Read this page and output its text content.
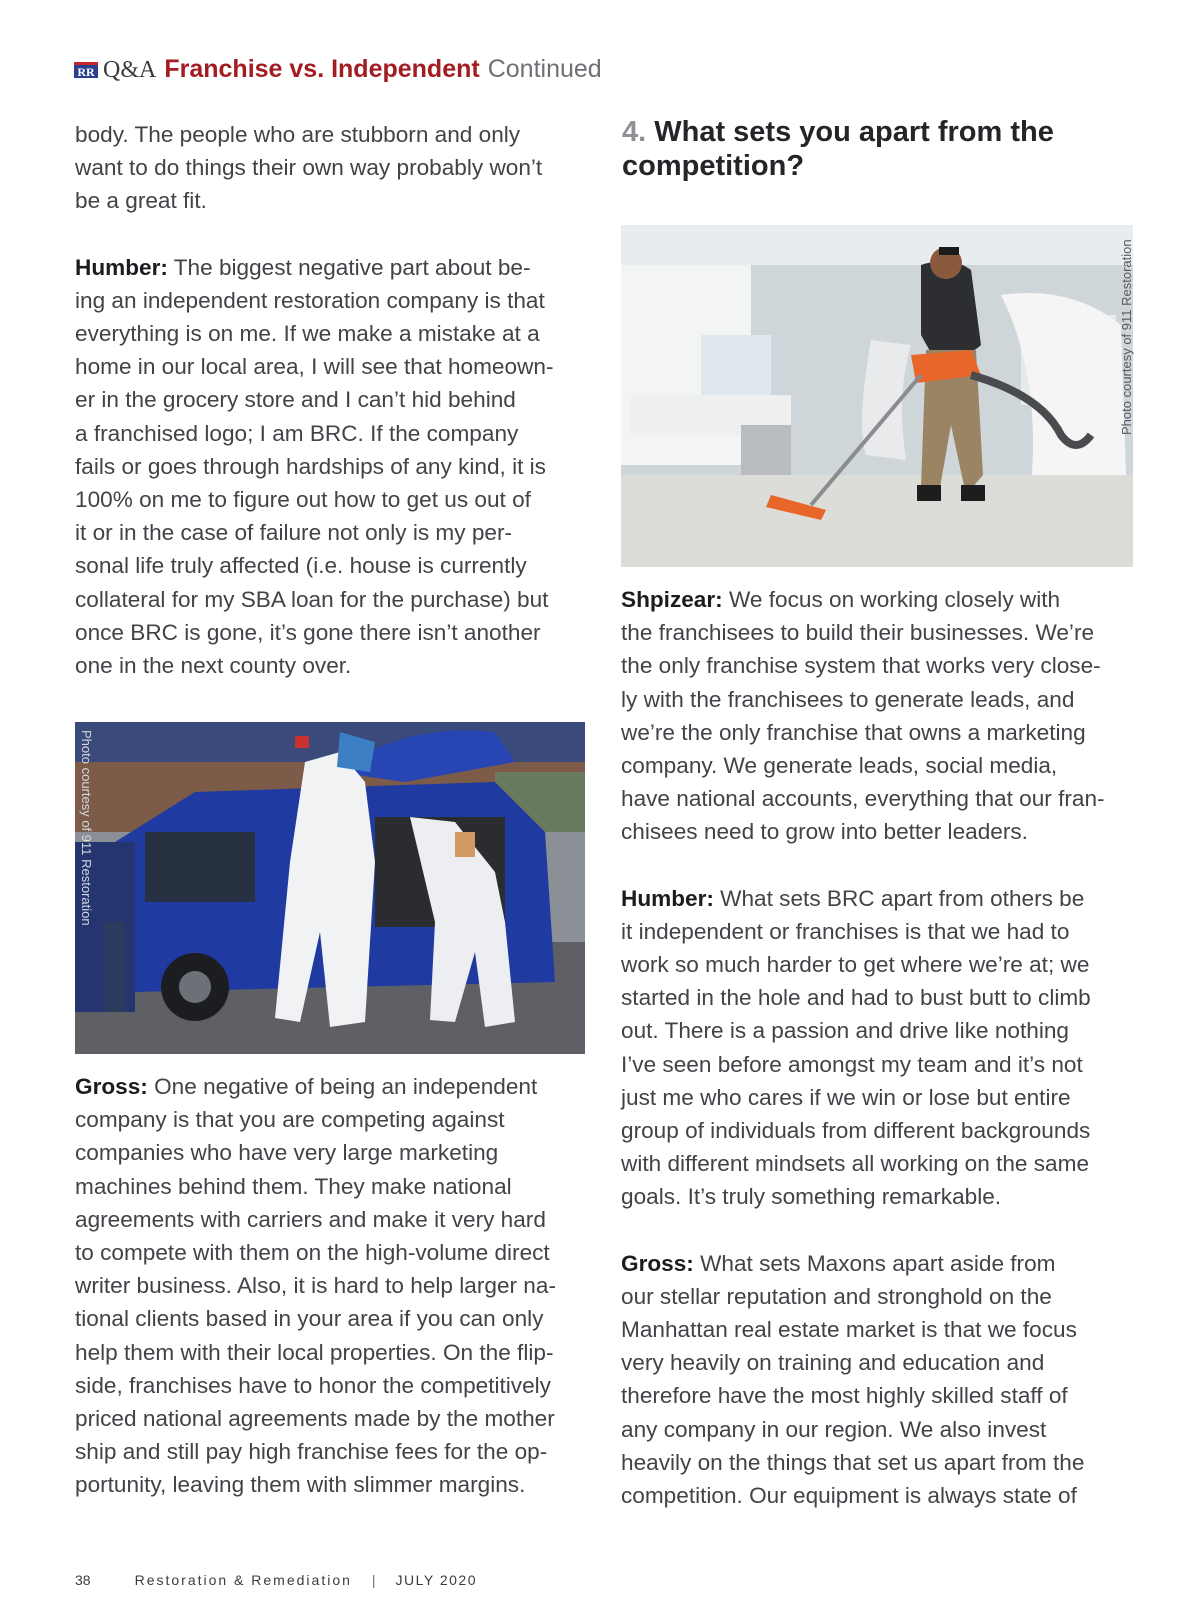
RR Q&A Franchise vs. Independent Continued

body. The people who are stubborn and only
want to do things their own way probably won’t
be a great fit.

Humber: The biggest negative part about be-
ing an independent restoration company is that
everything is on me. If we make a mistake at a
home in our local area, I will see that homeown-
er in the grocery store and I can’t hid behind
a franchised logo; I am BRC. If the company
fails or goes through hardships of any kind, it is
100% on me to figure out how to get us out of
it or in the case of failure not only is my per-
sonal life truly affected (i.e. house is currently
collateral for my SBA loan for the purchase) but
once BRC is gone, it’s gone there isn’t another
one in the next county over.

Photo courtesy of 911 Restoration

Gross: One negative of being an independent
company is that you are competing against
companies who have very large marketing
machines behind them. They make national
agreements with carriers and make it very hard
to compete with them on the high-volume direct
writer business. Also, it is hard to help larger na-
tional clients based in your area if you can only
help them with their local properties. On the flip-
side, franchises have to honor the competitively
priced national agreements made by the mother
ship and still pay high franchise fees for the op-
portunity, leaving them with slimmer margins.

4. What sets you apart from the competition?
Photo courtesy of 911 Restoration

Shpizear: We focus on working closely with
the franchisees to build their businesses. We’re
the only franchise system that works very close-
ly with the franchisees to generate leads, and
we’re the only franchise that owns a marketing
company. We generate leads, social media,
have national accounts, everything that our fran-
chisees need to grow into better leaders.

Humber: What sets BRC apart from others be
it independent or franchises is that we had to
work so much harder to get where we’re at; we
started in the hole and had to bust butt to climb
out. There is a passion and drive like nothing
I’ve seen before amongst my team and it’s not
just me who cares if we win or lose but entire
group of individuals from different backgrounds
with different mindsets all working on the same
goals. It’s truly something remarkable.

Gross: What sets Maxons apart aside from
our stellar reputation and stronghold on the
Manhattan real estate market is that we focus
very heavily on training and education and
therefore have the most highly skilled staff of
any company in our region. We also invest
heavily on the things that set us apart from the
competition. Our equipment is always state of

38	Restoration & Remediation | JULY 2020
